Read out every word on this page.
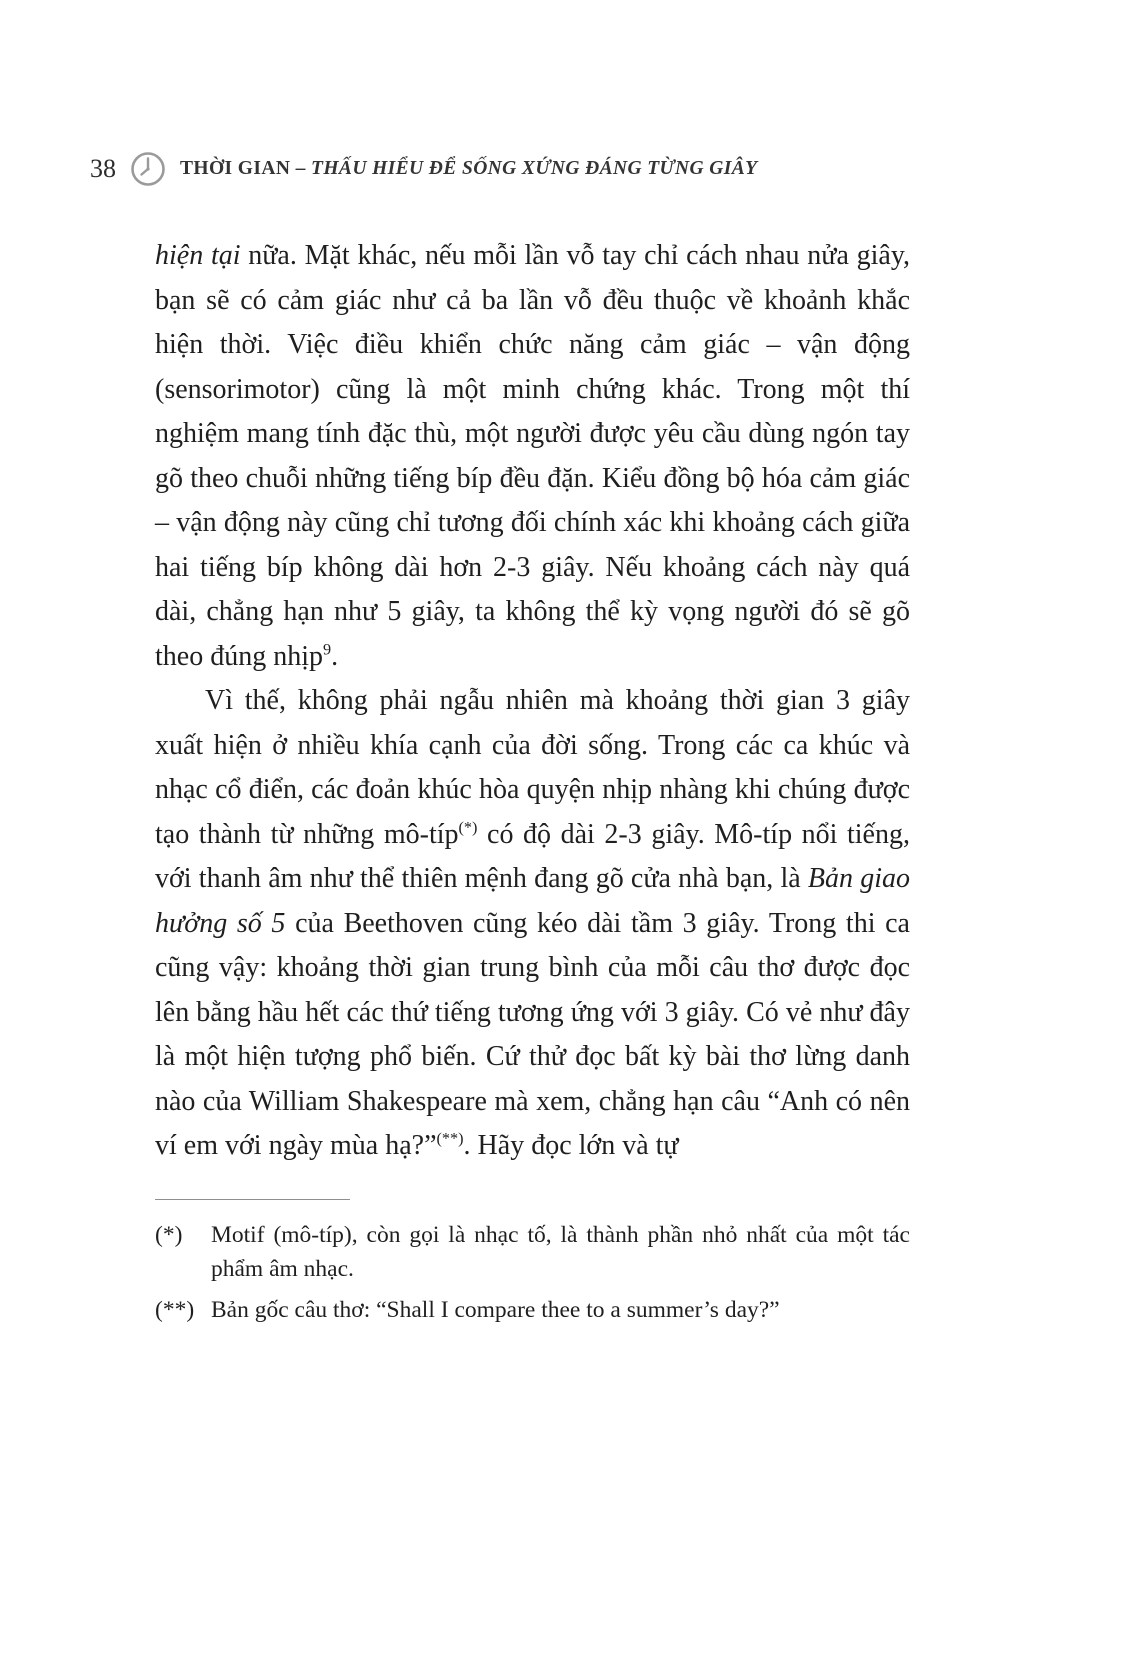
38	THỜI GIAN – THẤU HIỂU ĐỂ SỐNG XỨNG ĐÁNG TỪNG GIÂY

hiện tại nữa. Mặt khác, nếu mỗi lần vỗ tay chỉ cách nhau nửa giây, bạn sẽ có cảm giác như cả ba lần vỗ đều thuộc về khoảnh khắc hiện thời. Việc điều khiển chức năng cảm giác – vận động (sensorimotor) cũng là một minh chứng khác. Trong một thí nghiệm mang tính đặc thù, một người được yêu cầu dùng ngón tay gõ theo chuỗi những tiếng bíp đều đặn. Kiểu đồng bộ hóa cảm giác – vận động này cũng chỉ tương đối chính xác khi khoảng cách giữa hai tiếng bíp không dài hơn 2-3 giây. Nếu khoảng cách này quá dài, chẳng hạn như 5 giây, ta không thể kỳ vọng người đó sẽ gõ theo đúng nhịp$^9$.

Vì thế, không phải ngẫu nhiên mà khoảng thời gian 3 giây xuất hiện ở nhiều khía cạnh của đời sống. Trong các ca khúc và nhạc cổ điển, các đoản khúc hòa quyện nhịp nhàng khi chúng được tạo thành từ những mô-típ(*) có độ dài 2-3 giây. Mô-típ nổi tiếng, với thanh âm như thể thiên mệnh đang gõ cửa nhà bạn, là Bản giao hưởng số 5 của Beethoven cũng kéo dài tầm 3 giây. Trong thi ca cũng vậy: khoảng thời gian trung bình của mỗi câu thơ được đọc lên bằng hầu hết các thứ tiếng tương ứng với 3 giây. Có vẻ như đây là một hiện tượng phổ biến. Cứ thử đọc bất kỳ bài thơ lừng danh nào của William Shakespeare mà xem, chẳng hạn câu “Anh có nên ví em với ngày mùa hạ?”(**). Hãy đọc lớn và tự

(*)	Motif (mô-típ), còn gọi là nhạc tố, là thành phần nhỏ nhất của một tác phẩm âm nhạc.
(**) Bản gốc câu thơ: “Shall I compare thee to a summer’s day?”
